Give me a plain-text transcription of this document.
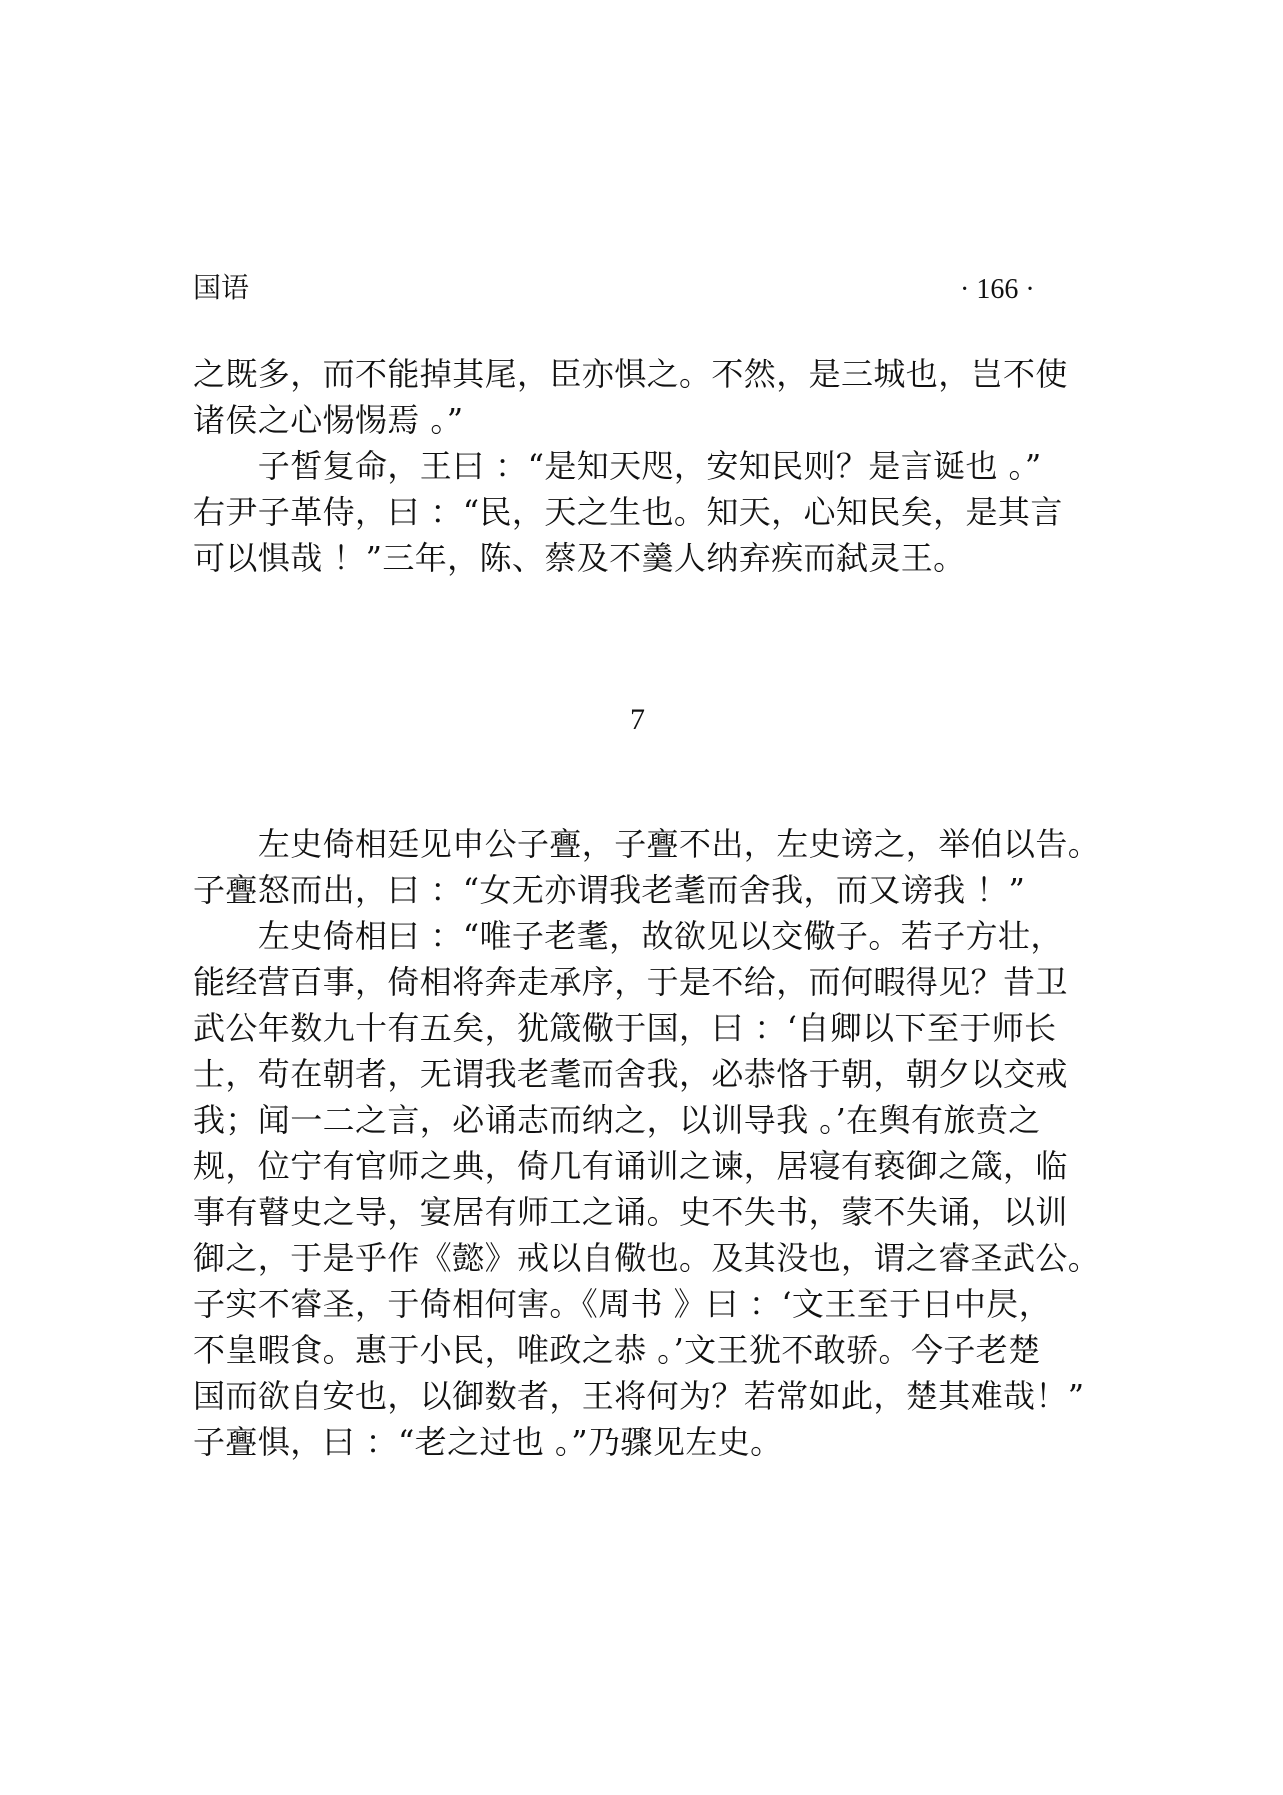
国语	· 166 ·
之既多，而不能掉其尾，臣亦惧之。不然，是三城也，岂不使
诸侯之心惕惕焉 。”
　　子皙复命，王曰 ：“是知天咫，安知民则？是言诞也 。”
右尹子革侍，曰 ：“民，天之生也。知天，心知民矣，是其言
可以惧哉 ！”三年，陈、蔡及不羹人纳弃疾而弑灵王。
7
　　左史倚相廷见申公子亹，子亹不出，左史谤之，举伯以告。
子亹怒而出，曰 ：“女无亦谓我老耄而舍我，而又谤我 ！”
　　左史倚相曰 ：“唯子老耄，故欲见以交儆子。若子方壮，
能经营百事，倚相将奔走承序，于是不给，而何暇得见？昔卫
武公年数九十有五矣，犹箴儆于国，曰 ：‘自卿以下至于师长
士，苟在朝者，无谓我老耄而舍我，必恭恪于朝，朝夕以交戒
我；闻一二之言，必诵志而纳之，以训导我 。’在舆有旅贲之
规，位宁有官师之典，倚几有诵训之谏，居寝有亵御之箴，临
事有瞽史之导，宴居有师工之诵。史不失书，蒙不失诵，以训
御之，于是乎作《懿》戒以自儆也。及其没也，谓之睿圣武公。
子实不睿圣，于倚相何害。《周书 》曰 ：‘文王至于日中昃，
不皇暇食。惠于小民，唯政之恭 。’文王犹不敢骄。今子老楚
国而欲自安也，以御数者，王将何为？若常如此，楚其难哉！”
子亹惧，曰 ：“老之过也 。”乃骤见左史。
